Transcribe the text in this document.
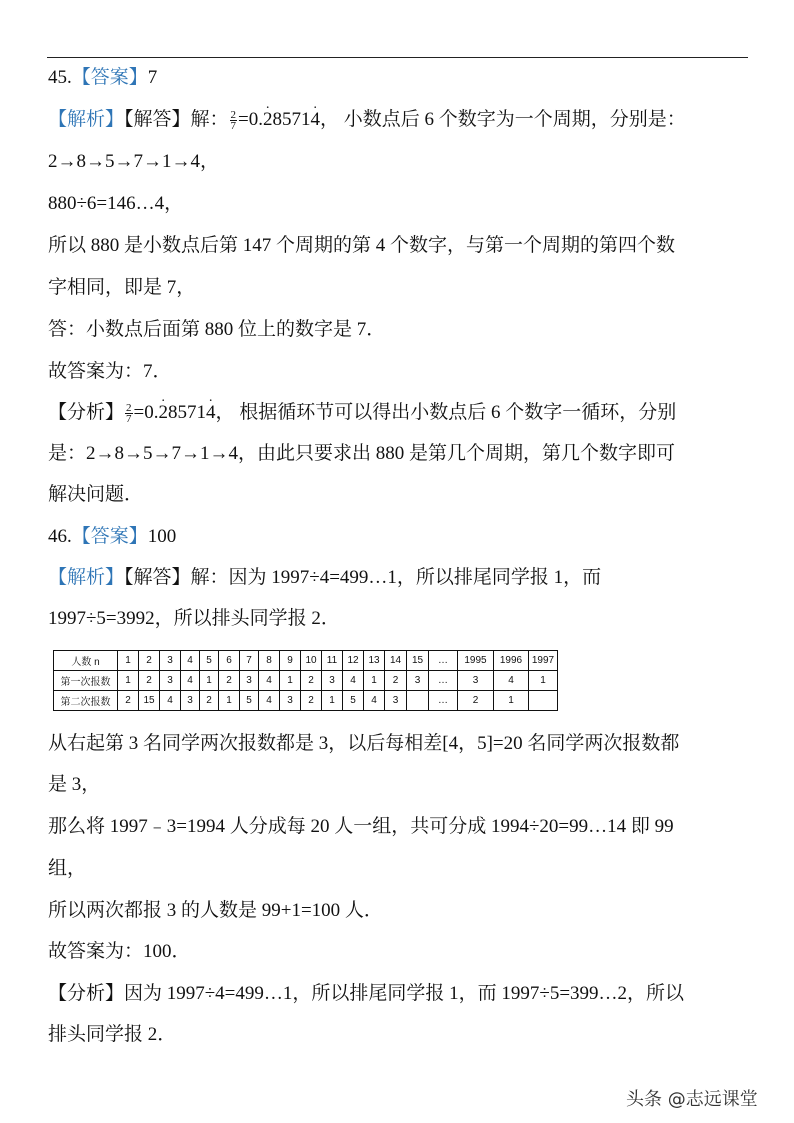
45.【答案】7
【解析】【解答】解： $\frac{2}{7} =0.2 \cdot 85714$ ·， 小数点后 6 个数字为一个周期，分别是：
2→8→5→7→1→4，
880÷6=146…4，
所以 880 是小数点后第 147 个周期的第 4 个数字，与第一个周期的第四个数
字相同，即是 7，
答：小数点后面第 880 位上的数字是 7．
故答案为：7．
【分析】 $\frac{2}{7} =0.2 \cdot 85714$ ·， 根据循环节可以得出小数点后 6 个数字一循环，分别
是：2→8→5→7→1→4，由此只要求出 880 是第几个周期，第几个数字即可
解决问题．
46.【答案】100
【解析】【解答】解：因为 1997÷4=499…1，所以排尾同学报 1，而
1997÷5=3992，所以排头同学报 2．
人数 n	1	2	3	4	5	6	7	8	9	10	11	12	13	14	15	…	1995	1996	1997
第一次报数	1	2	3	4	1	2	3	4	1	2	3	4	1	2	3	…	3	4	1
第二次报数	2	15	4	3	2	1	5	4	3	2	1	5	4	3		…	2	1	
从右起第 3 名同学两次报数都是 3，以后每相差[4，5]=20 名同学两次报数都
是 3，
那么将 1997﹣3=1994 人分成每 20 人一组，共可分成 1994÷20=99…14 即 99
组，
所以两次都报 3 的人数是 99+1=100 人．
故答案为：100．
【分析】因为 1997÷4=499…1，所以排尾同学报 1，而 1997÷5=399…2，所以
排头同学报 2．
头条 @志远课堂
